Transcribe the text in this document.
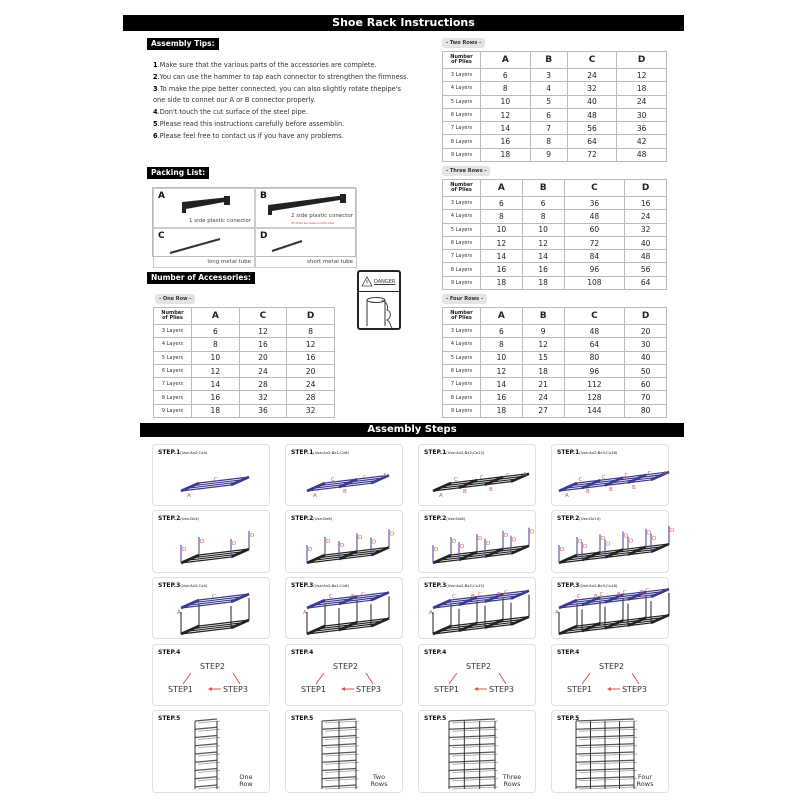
Shoe Rack Instructions
Assembly Tips:

1.Make sure that the various parts of the accessories are complete.

2.You can use the hammer to tap each connector to strengthen the firmness.

3.To make the pipe better connected, you can also slightly rotate thepipe's one side to connet our A or B connector properly.

4.Don't touch the cut surface of the steel pipe.

5.Please read this instructions carefully before assemblin.

6.Please feel free to contact us if you have any problems.

Packing List:
A
1 side plastic conector
B
2 side plastic conector
PS:There are holes on both sides
C
long metal tube
D
short metal tube
Number of Accessories:	DANGER
- One Row -
Number
of Plies	A	C	D
3 Layers	6	12	8
4 Layers	8	16	12
5 Layers	10	20	16
6 Layers	12	24	20
7 Layers	14	28	24
8 Layers	16	32	28
9 Layers	18	36	32
- Two Rows -
Number
of Plies	A	B	C	D
3 Layers	6	3	24	12
4 Layers	8	4	32	18
5 Layers	10	5	40	24
6 Layers	12	6	48	30
7 Layers	14	7	56	36
8 Layers	16	8	64	42
9 Layers	18	9	72	48
- Three Rows -
Number
of Plies	A	B	C	D
3 Layers	6	6	36	16
4 Layers	8	8	48	24
5 Layers	10	10	60	32
6 Layers	12	12	72	40
7 Layers	14	14	84	48
8 Layers	16	16	96	56
9 Layers	18	18	108	64
- Four Rows -
Number
of Plies	A	B	C	D
3 Layers	6	9	48	20
4 Layers	8	12	64	30
5 Layers	10	15	80	40
6 Layers	12	18	96	50
7 Layers	14	21	112	60
8 Layers	16	24	128	70
9 Layers	18	27	144	80
Assembly Steps
A
C
STEP.1(Use:Ax2;Cx4)
D
D	D
D
STEP.2(Use:Dx4)
A
C
STEP.3(Use:Ax2;Cx4)
STEP2
STEP1	STEP3
STEP.4
STEP.5
One
Row
A
C	C
B
A
STEP.1(Use:Ax2;Bx1;Cx8)
D
D
D
D
D
D
STEP.2(Use:Dx6)
A
C	C
B
STEP.3(Use:Ax2;Bx1;Cx8)
STEP2
STEP1	STEP3
STEP.4
STEP.5
Two
Rows
A
C	C	C
B	B
A
STEP.1(Use:Ax2;Bx2;Cx12)
D
D
D
D
D
D
D
D
STEP.2(Use:Dx8)
A
C	C	C
B	B
STEP.3(Use:Ax2;Bx2;Cx12)
STEP2
STEP1	STEP3
STEP.4
STEP.5
Three
Rows
A
C	C	C	C
B	B	B
A
STEP.1(Use:Ax2;Bx3;Cx16)
D
D
D
D
D
D
D
D
D
D
STEP.2(Use:Dx10)
A
C	C	C	C
B	B	B
STEP.3(Use:Ax2;Bx3;Cx16)
STEP2
STEP1	STEP3
STEP.4
STEP.5
Four
Rows
